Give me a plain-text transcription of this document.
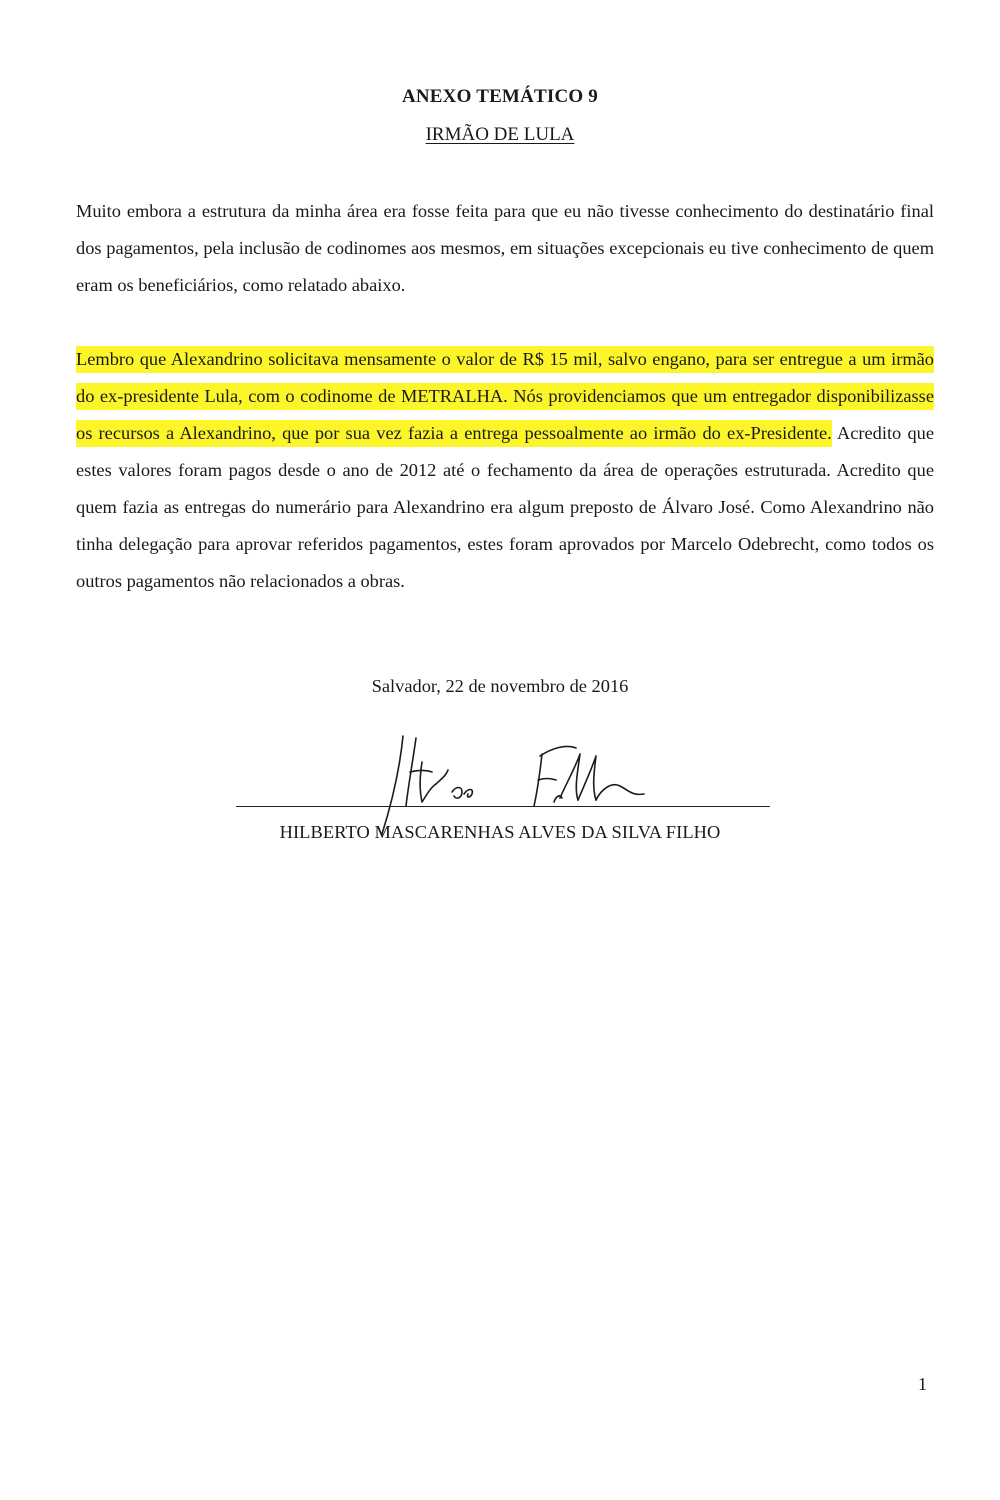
ANEXO TEMÁTICO 9
IRMÃO DE LULA

Muito embora a estrutura da minha área era fosse feita para que eu não tivesse conhecimento do destinatário final dos pagamentos, pela inclusão de codinomes aos mesmos, em situações excepcionais eu tive conhecimento de quem eram os beneficiários, como relatado abaixo.

Lembro que Alexandrino solicitava mensamente o valor de R$ 15 mil, salvo engano, para ser entregue a um irmão do ex-presidente Lula, com o codinome de METRALHA. Nós providenciamos que um entregador disponibilizasse os recursos a Alexandrino, que por sua vez fazia a entrega pessoalmente ao irmão do ex-Presidente. Acredito que estes valores foram pagos desde o ano de 2012 até o fechamento da área de operações estruturada. Acredito que quem fazia as entregas do numerário para Alexandrino era algum preposto de Álvaro José. Como Alexandrino não tinha delegação para aprovar referidos pagamentos, estes foram aprovados por Marcelo Odebrecht, como todos os outros pagamentos não relacionados a obras.

Salvador, 22 de novembro de 2016
HILBERTO MASCARENHAS ALVES DA SILVA FILHO
1
